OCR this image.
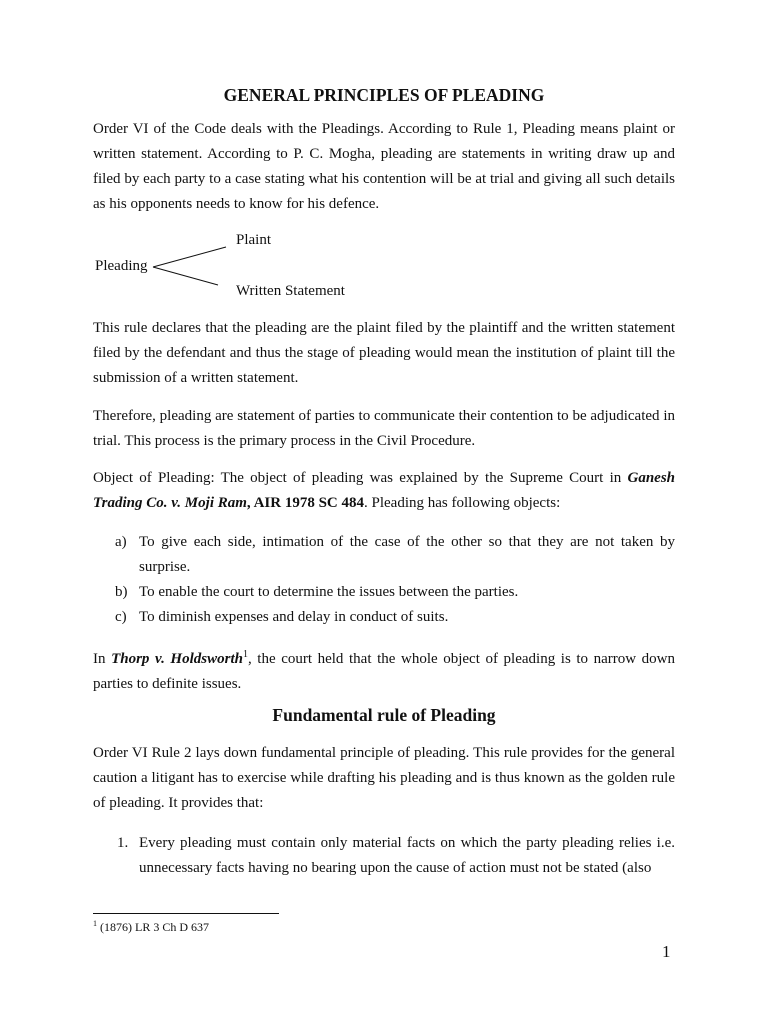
GENERAL PRINCIPLES OF PLEADING

Order VI of the Code deals with the Pleadings. According to Rule 1, Pleading means plaint or written statement. According to P. C. Mogha, pleading are statements in writing draw up and filed by each party to a case stating what his contention will be at trial and giving all such details as his opponents needs to know for his defence.

Pleading
Plaint
Written Statement

This rule declares that the pleading are the plaint filed by the plaintiff and the written statement filed by the defendant and thus the stage of pleading would mean the institution of plaint till the submission of a written statement.

Therefore, pleading are statement of parties to communicate their contention to be adjudicated in trial. This process is the primary process in the Civil Procedure.

Object of Pleading: The object of pleading was explained by the Supreme Court in Ganesh Trading Co. v. Moji Ram, AIR 1978 SC 484. Pleading has following objects:

a) To give each side, intimation of the case of the other so that they are not taken by surprise.
b) To enable the court to determine the issues between the parties.
c) To diminish expenses and delay in conduct of suits.

In Thorp v. Holdsworth$^1$, the court held that the whole object of pleading is to narrow down parties to definite issues.

Fundamental rule of Pleading

Order VI Rule 2 lays down fundamental principle of pleading. This rule provides for the general caution a litigant has to exercise while drafting his pleading and is thus known as the golden rule of pleading. It provides that:

1. Every pleading must contain only material facts on which the party pleading relies i.e. unnecessary facts having no bearing upon the cause of action must not be stated (also
$^1$ (1876) LR 3 Ch D 637
1
